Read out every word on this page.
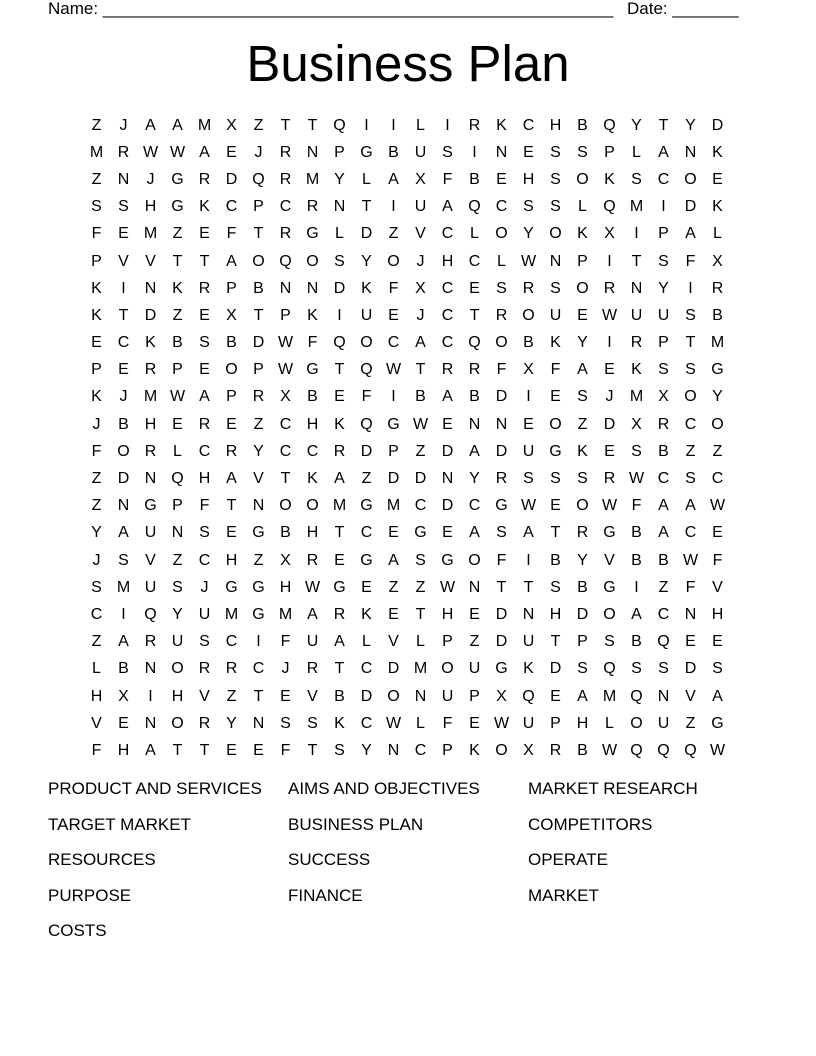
Name: ______________________________________________________ Date: _______
Business Plan
Z	J	A	A M X	Z	T	T Q	I	I	L	I	R K C H B Q Y	T	Y D
M R W W A	E	J	R N P G B U S	I	N E	S	S	P	L	A N K
Z	N	J	G R D Q R M Y	L	A	X	F	B	E H S O K	S C O E
S	S H G K C P C R N	T	I	U A Q C S	S	L	Q M	I	D K
F	E M Z	E	F	T	R G	L	D	Z	V C	L	O Y O K	X	I	P	A	L
P	V	V	T	T	A O Q O S	Y O	J	H C	L W N P	I	T	S	F	X
K	I	N K R P	B N N D K	F	X C E	S R S O R N Y	I	R
K	T	D	Z	E	X	T	P	K	I	U E	J	C	T	R O U E W U U S	B
E C K	B	S	B D W F Q O C A C Q O B	K	Y	I	R P	T M
P	E R P	E O P W G T Q W T	R R	F	X	F	A	E	K	S	S G
K	J	M W A	P R X	B	E	F	I	B	A	B D	I	E	S	J	M X O Y
J	B H E R E	Z	C H K Q G W E N N E O Z	D X R C O
F O R	L	C R Y C C R D P	Z	D A D U G K	E	S	B	Z	Z
Z	D N Q H A	V	T	K	A	Z	D D N Y R S	S	S R W C S C
Z	N G P	F	T	N O O M G M C D C G W E O W F	A	A W
Y	A U N S	E G B H	T	C E G E	A	S	A	T	R G B	A C E
J	S	V	Z	C H	Z	X R E G A	S G O F	I	B	Y	V	B	B W F
S M U S	J	G G H W G E	Z	Z W N	T	T	S	B G	I	Z	F	V
C	I	Q Y U M G M A R K	E	T	H E D N H D O A C N H
Z	A R U S C	I	F	U A	L	V	L	P	Z	D U	T	P	S	B Q E	E
L	B N O R R C	J	R	T	C D M O U G K D S Q S	S D S
H X	I	H V	Z	T	E	V	B D O N U P	X Q E	A M Q N V	A
V	E N O R Y N S	S	K C W L	F	E W U P H	L	O U	Z G
F	H A	T	T	E	E	F	T	S	Y N C P	K O X R B W Q Q Q W
PRODUCT AND SERVICES	AIMS AND OBJECTIVES	MARKET RESEARCH
TARGET MARKET	BUSINESS PLAN	COMPETITORS
RESOURCES	SUCCESS	OPERATE
PURPOSE	FINANCE	MARKET
COSTS
